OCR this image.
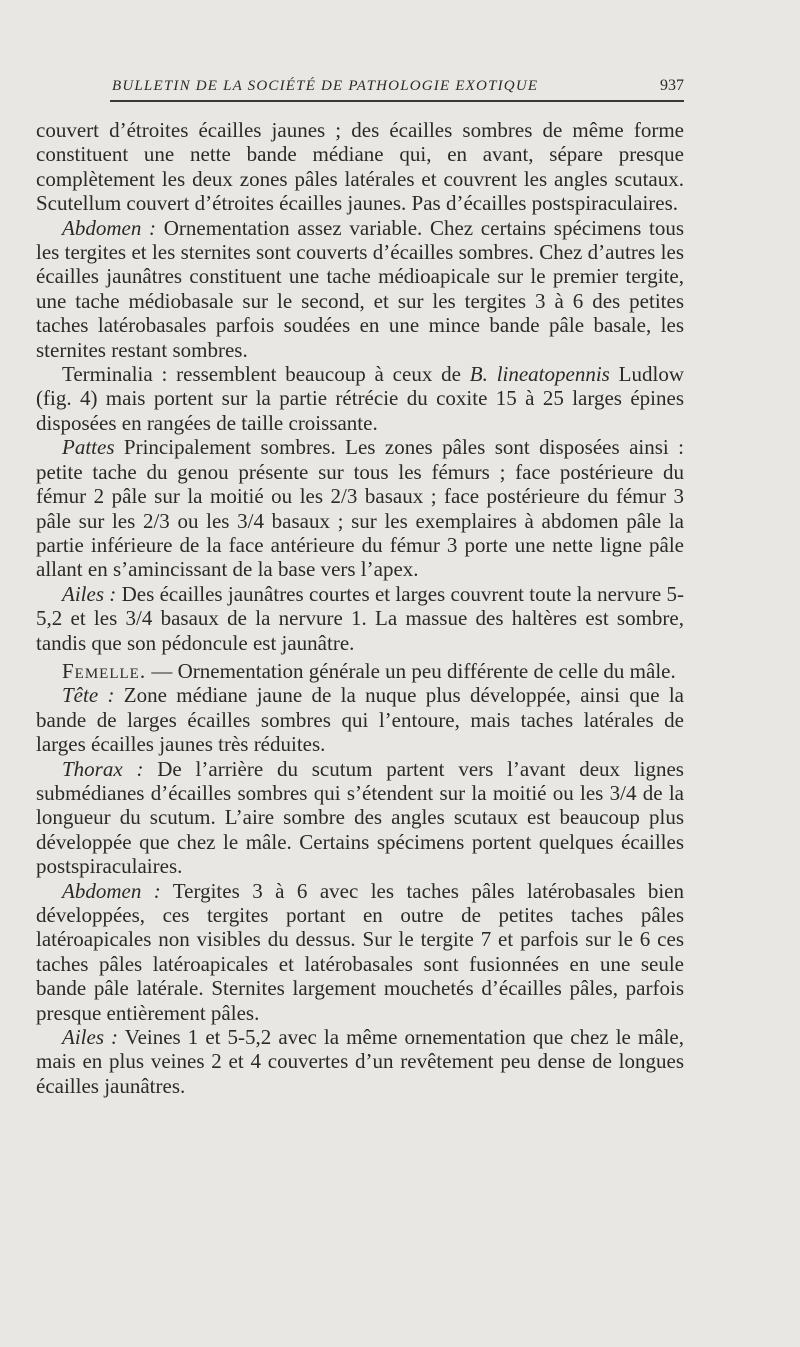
BULLETIN DE LA SOCIÉTÉ DE PATHOLOGIE EXOTIQUE	937

couvert d’étroites écailles jaunes ; des écailles sombres de même forme constituent une nette bande médiane qui, en avant, sépare presque complètement les deux zones pâles latérales et couvrent les angles scutaux. Scutellum couvert d’étroites écailles jaunes. Pas d’écailles postspiraculaires.

Abdomen : Ornementation assez variable. Chez certains spécimens tous les tergites et les sternites sont couverts d’écailles sombres. Chez d’autres les écailles jaunâtres constituent une tache médioapicale sur le premier tergite, une tache médiobasale sur le second, et sur les tergites 3 à 6 des petites taches latérobasales parfois soudées en une mince bande pâle basale, les sternites restant sombres.

Terminalia : ressemblent beaucoup à ceux de B. lineatopennis Ludlow (fig. 4) mais portent sur la partie rétrécie du coxite 15 à 25 larges épines disposées en rangées de taille croissante.

Pattes Principalement sombres. Les zones pâles sont disposées ainsi : petite tache du genou présente sur tous les fémurs ; face postérieure du fémur 2 pâle sur la moitié ou les 2/3 basaux ; face postérieure du fémur 3 pâle sur les 2/3 ou les 3/4 basaux ; sur les exemplaires à abdomen pâle la partie inférieure de la face antérieure du fémur 3 porte une nette ligne pâle allant en s’amincissant de la base vers l’apex.

Ailes : Des écailles jaunâtres courtes et larges couvrent toute la nervure 5-5,2 et les 3/4 basaux de la nervure 1. La massue des haltères est sombre, tandis que son pédoncule est jaunâtre.

Femelle. — Ornementation générale un peu différente de celle du mâle.

Tête : Zone médiane jaune de la nuque plus développée, ainsi que la bande de larges écailles sombres qui l’entoure, mais taches latérales de larges écailles jaunes très réduites.

Thorax : De l’arrière du scutum partent vers l’avant deux lignes submédianes d’écailles sombres qui s’étendent sur la moitié ou les 3/4 de la longueur du scutum. L’aire sombre des angles scutaux est beaucoup plus développée que chez le mâle. Certains spécimens portent quelques écailles postspiraculaires.

Abdomen : Tergites 3 à 6 avec les taches pâles latérobasales bien développées, ces tergites portant en outre de petites taches pâles latéroapicales non visibles du dessus. Sur le tergite 7 et parfois sur le 6 ces taches pâles latéroapicales et latérobasales sont fusionnées en une seule bande pâle latérale. Sternites largement mouchetés d’écailles pâles, parfois presque entièrement pâles.

Ailes : Veines 1 et 5-5,2 avec la même ornementation que chez le mâle, mais en plus veines 2 et 4 couvertes d’un revêtement peu dense de longues écailles jaunâtres.
